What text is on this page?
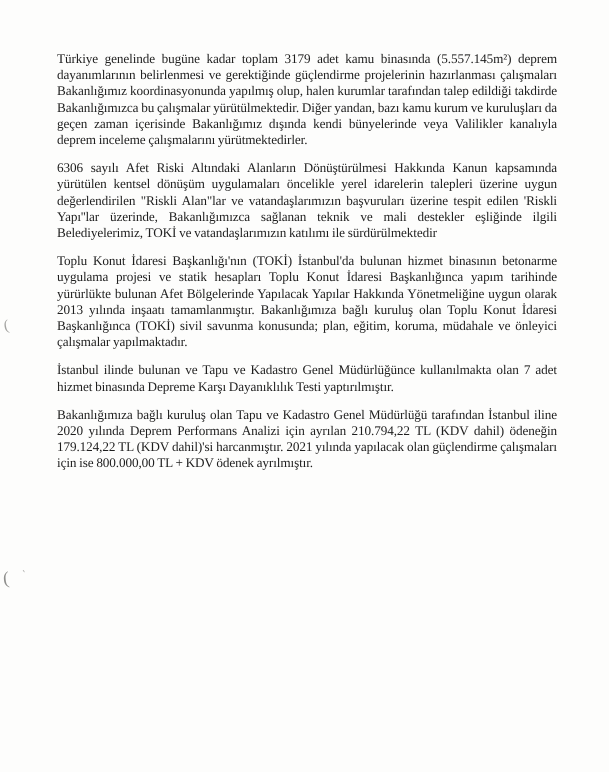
(
( `

Türkiye genelinde bugüne kadar toplam 3179 adet kamu binasında (5.557.145m²) deprem dayanımlarının belirlenmesi ve gerektiğinde güçlendirme projelerinin hazırlanması çalışmaları Bakanlığımız koordinasyonunda yapılmış olup, halen kurumlar tarafından talep edildiği takdirde Bakanlığımızca bu çalışmalar yürütülmektedir. Diğer yandan, bazı kamu kurum ve kuruluşları da geçen zaman içerisinde Bakanlığımız dışında kendi bünyelerinde veya Valilikler kanalıyla deprem inceleme çalışmalarını yürütmektedirler.

6306 sayılı Afet Riski Altındaki Alanların Dönüştürülmesi Hakkında Kanun kapsamında yürütülen kentsel dönüşüm uygulamaları öncelikle yerel idarelerin talepleri üzerine uygun değerlendirilen "Riskli Alan"lar ve vatandaşlarımızın başvuruları üzerine tespit edilen 'Riskli Yapı''lar üzerinde, Bakanlığımızca sağlanan teknik ve mali destekler eşliğinde ilgili Belediyelerimiz, TOKİ ve vatandaşlarımızın katılımı ile sürdürülmektedir

Toplu Konut İdaresi Başkanlığı'nın (TOKİ) İstanbul'da bulunan hizmet binasının betonarme uygulama projesi ve statik hesapları Toplu Konut İdaresi Başkanlığınca yapım tarihinde yürürlükte bulunan Afet Bölgelerinde Yapılacak Yapılar Hakkında Yönetmeliğine uygun olarak 2013 yılında inşaatı tamamlanmıştır. Bakanlığımıza bağlı kuruluş olan Toplu Konut İdaresi Başkanlığınca (TOKİ) sivil savunma konusunda; plan, eğitim, koruma, müdahale ve önleyici çalışmalar yapılmaktadır.

İstanbul ilinde bulunan ve Tapu ve Kadastro Genel Müdürlüğünce kullanılmakta olan 7 adet hizmet binasında Depreme Karşı Dayanıklılık Testi yaptırılmıştır.

Bakanlığımıza bağlı kuruluş olan Tapu ve Kadastro Genel Müdürlüğü tarafından İstanbul iline 2020 yılında Deprem Performans Analizi için ayrılan 210.794,22 TL (KDV dahil) ödeneğin 179.124,22 TL (KDV dahil)'si harcanmıştır. 2021 yılında yapılacak olan güçlendirme çalışmaları için ise 800.000,00 TL + KDV ödenek ayrılmıştır.
